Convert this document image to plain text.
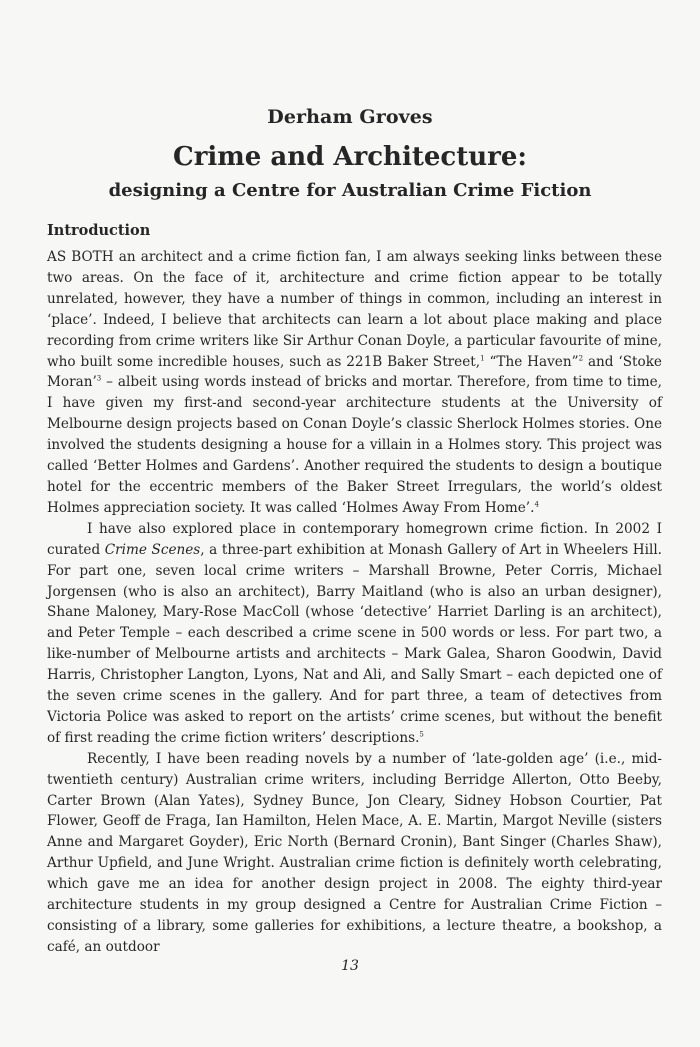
Derham Groves
Crime and Architecture:
designing a Centre for Australian Crime Fiction
Introduction

AS BOTH an architect and a crime fiction fan, I am always seeking links between these two areas. On the face of it, architecture and crime fiction appear to be totally unrelated, however, they have a number of things in common, including an interest in ‘place’. Indeed, I believe that architects can learn a lot about place making and place recording from crime writers like Sir Arthur Conan Doyle, a particular favourite of mine, who built some incredible houses, such as 221B Baker Street,$^1$ “The Haven”$^2$ and ‘Stoke Moran’$^3$ – albeit using words instead of bricks and mortar. Therefore, from time to time, I have given my first-and second-year architecture students at the University of Melbourne design projects based on Conan Doyle’s classic Sherlock Holmes stories. One involved the students designing a house for a villain in a Holmes story. This project was called ‘Better Holmes and Gardens’. Another required the students to design a boutique hotel for the eccentric members of the Baker Street Irregulars, the world’s oldest Holmes appreciation society. It was called ‘Holmes Away From Home’.$^4$

I have also explored place in contemporary homegrown crime fiction. In 2002 I curated Crime Scenes, a three-part exhibition at Monash Gallery of Art in Wheelers Hill. For part one, seven local crime writers – Marshall Browne, Peter Corris, Michael Jorgensen (who is also an architect), Barry Maitland (who is also an urban designer), Shane Maloney, Mary-Rose MacColl (whose ‘detective’ Harriet Darling is an architect), and Peter Temple – each described a crime scene in 500 words or less. For part two, a like-number of Melbourne artists and architects – Mark Galea, Sharon Goodwin, David Harris, Christopher Langton, Lyons, Nat and Ali, and Sally Smart – each depicted one of the seven crime scenes in the gallery. And for part three, a team of detectives from Victoria Police was asked to report on the artists’ crime scenes, but without the benefit of first reading the crime fiction writers’ descriptions.$^5$

Recently, I have been reading novels by a number of ‘late-golden age’ (i.e., mid-twentieth century) Australian crime writers, including Berridge Allerton, Otto Beeby, Carter Brown (Alan Yates), Sydney Bunce, Jon Cleary, Sidney Hobson Courtier, Pat Flower, Geoff de Fraga, Ian Hamilton, Helen Mace, A. E. Martin, Margot Neville (sisters Anne and Margaret Goyder), Eric North (Bernard Cronin), Bant Singer (Charles Shaw), Arthur Upfield, and June Wright. Australian crime fiction is definitely worth celebrating, which gave me an idea for another design project in 2008. The eighty third-year architecture students in my group designed a Centre for Australian Crime Fiction – consisting of a library, some galleries for exhibitions, a lecture theatre, a bookshop, a café, an outdoor

13
